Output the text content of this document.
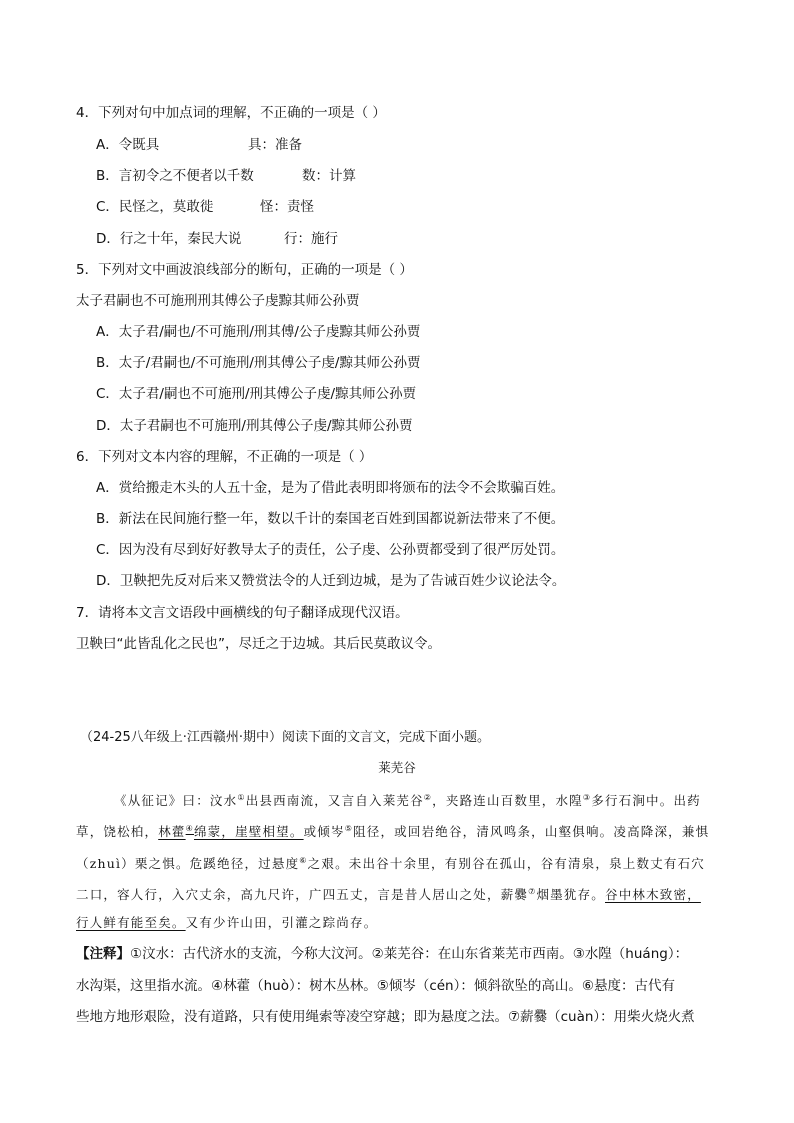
4．下列对句中加点词的理解，不正确的一项是（ ）
A．令既具	具：准备
B．言初令之不便者以千数	数：计算
C．民怪之，莫敢徙	怪：责怪
D．行之十年，秦民大说	行：施行
5．下列对文中画波浪线部分的断句，正确的一项是（ ）
太子君嗣也不可施刑刑其傅公子虔黥其师公孙贾
A．太子君/嗣也/不可施刑/刑其傅/公子虔黥其师公孙贾
B．太子/君嗣也/不可施刑/刑其傅公子虔/黥其师公孙贾
C．太子君/嗣也不可施刑/刑其傅公子虔/黥其师公孙贾
D．太子君嗣也不可施刑/刑其傅公子虔/黥其师公孙贾
6．下列对文本内容的理解，不正确的一项是（ ）
A．赏给搬走木头的人五十金，是为了借此表明即将颁布的法令不会欺骗百姓。
B．新法在民间施行整一年，数以千计的秦国老百姓到国都说新法带来了不便。
C．因为没有尽到好好教导太子的责任，公子虔、公孙贾都受到了很严厉处罚。
D．卫鞅把先反对后来又赞赏法令的人迁到边城，是为了告诫百姓少议论法令。
7．请将本文言文语段中画横线的句子翻译成现代汉语。
卫鞅曰“此皆乱化之民也”，尽迁之于边城。其后民莫敢议令。
（24-25八年级上·江西赣州·期中）阅读下面的文言文，完成下面小题。
莱芜谷
《从征记》曰：汶水①出县西南流，又言自入莱芜谷②，夹路连山百数里，水隍③多行石涧中。出药
草，饶松柏，林藿④绵蒙，崖壁相望。或倾岑⑤阻径，或回岩绝谷，清风鸣条，山壑俱响。凌高降深，兼惧
（zhuì）栗之惧。危蹊绝径，过悬度⑥之艰。未出谷十余里，有别谷在孤山，谷有清泉，泉上数丈有石穴
二口，容人行，入穴丈余，高九尺许，广四五丈，言是昔人居山之处，薪爨⑦烟墨犹存。谷中林木致密，
行人鲜有能至矣。又有少许山田，引灌之踪尚存。
【注释】①汶水：古代济水的支流，今称大汶河。②莱芜谷：在山东省莱芜市西南。③水隍（huáng）：
水沟渠，这里指水流。④林藿（huò）：树木丛林。⑤倾岑（cén）：倾斜欲坠的高山。⑥悬度：古代有
些地方地形艰险，没有道路，只有使用绳索等凌空穿越；即为悬度之法。⑦薪爨（cuàn）：用柴火烧火煮
